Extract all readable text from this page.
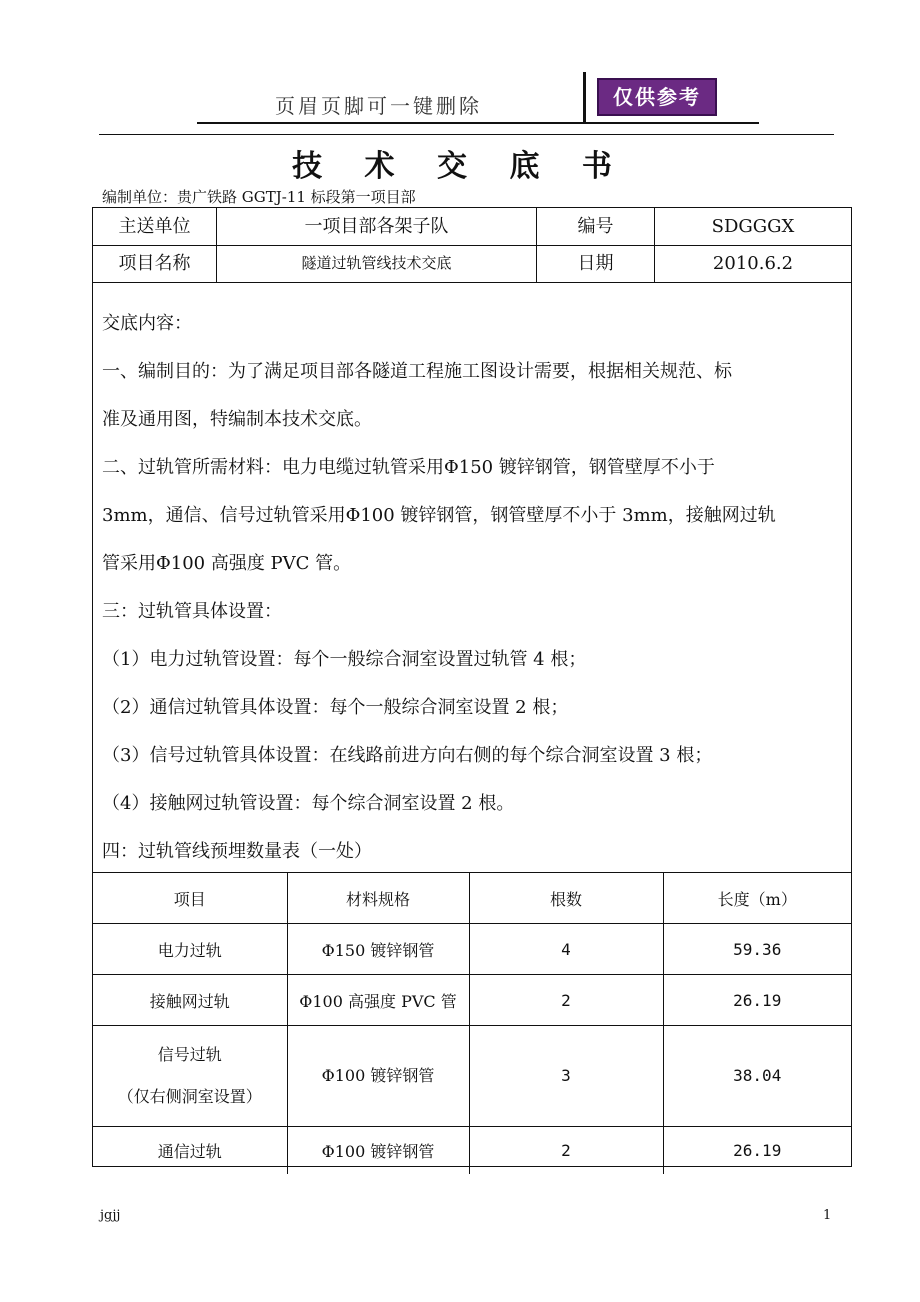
页眉页脚可一键删除	仅供参考
技 术 交 底 书
编制单位：贵广铁路 GGTJ-11 标段第一项目部
主送单位	一项目部各架子队	编号	SDGGGX
项目名称	隧道过轨管线技术交底	日期	2010.6.2

交底内容：

一、编制目的：为了满足项目部各隧道工程施工图设计需要，根据相关规范、标

准及通用图，特编制本技术交底。

二、过轨管所需材料：电力电缆过轨管采用Φ150 镀锌钢管，钢管壁厚不小于

3mm，通信、信号过轨管采用Φ100 镀锌钢管，钢管壁厚不小于 3mm，接触网过轨

管采用Φ100 高强度 PVC 管。

三：过轨管具体设置：

（1）电力过轨管设置：每个一般综合洞室设置过轨管 4 根；

（2）通信过轨管具体设置：每个一般综合洞室设置 2 根；

（3）信号过轨管具体设置：在线路前进方向右侧的每个综合洞室设置 3 根；

（4）接触网过轨管设置：每个综合洞室设置 2 根。

四：过轨管线预埋数量表（一处）

项目	材料规格	根数	长度（m）
电力过轨	Φ150 镀锌钢管	4	59.36
接触网过轨	Φ100 高强度 PVC 管	2	26.19

信号过轨
（仅右侧洞室设置）	Φ100 镀锌钢管	3	38.04
通信过轨	Φ100 镀锌钢管	2	26.19
jgjj	1
